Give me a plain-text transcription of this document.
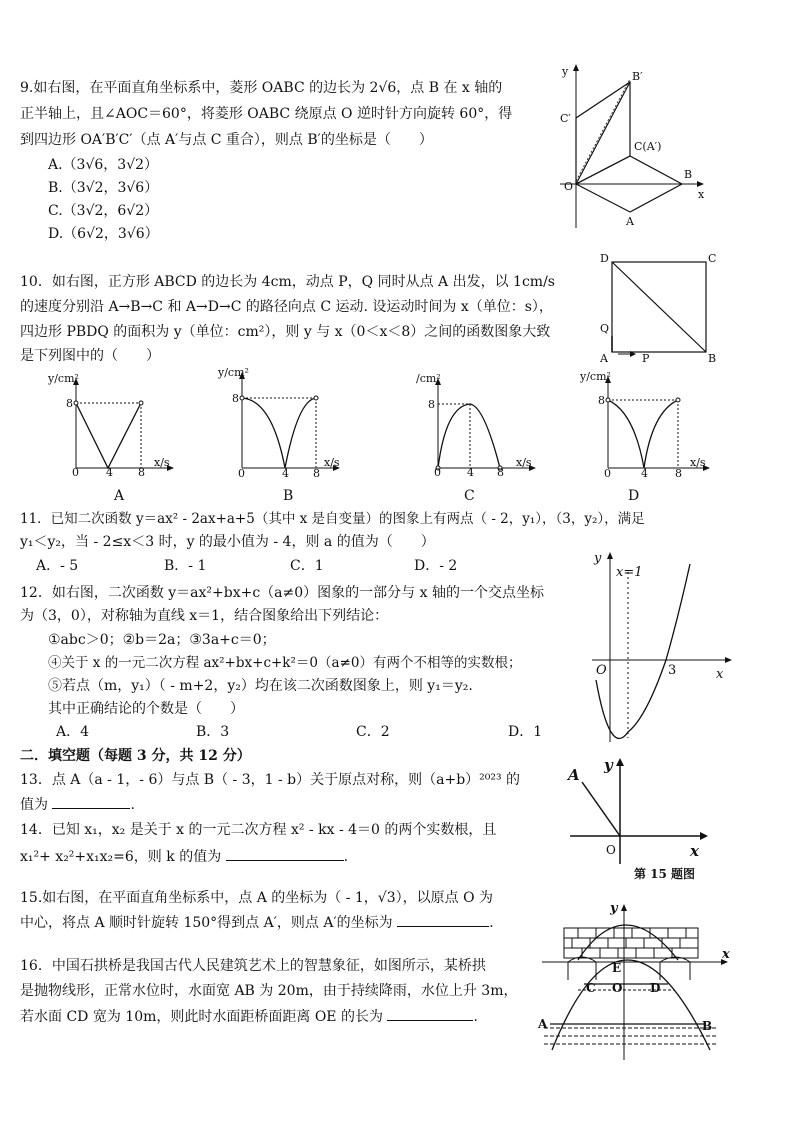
9.如右图，在平面直角坐标系中，菱形 OABC 的边长为 2√6，点 B 在 x 轴的
正半轴上，且∠AOC＝60°，将菱形 OABC 绕原点 O 逆时针方向旋转 60°，得
到四边形 OA′B′C′（点 A′与点 C 重合），则点 B′的坐标是（　　）
A.（3√6，3√2）
B.（3√2，3√6）
C.（3√2，6√2）
D.（6√2，3√6）
y
x
O
A
B
C(A′)
B′
C′
10．如右图，正方形 ABCD 的边长为 4cm，动点 P，Q 同时从点 A 出发，以 1cm/s
的速度分别沿 A→B→C 和 A→D→C 的路径向点 C 运动. 设运动时间为 x（单位：s），
四边形 PBDQ 的面积为 y（单位：cm²），则 y 与 x（0＜x＜8）之间的函数图象大致
是下列图中的（　　）
D	C
A	B
P
Q
y/cm²
x/s
8
0 4 8
y/cm²
x/s
8
0	4 8
/cm²
x/s
8
0 4 8
y/cm²
x/s
8
0	4 8
A	B	C	D
11．已知二次函数 y＝ax² - 2ax+a+5（其中 x 是自变量）的图象上有两点（ - 2，y₁），（3，y₂），满足
y₁＜y₂，当 - 2≤x＜3 时，y 的最小值为 - 4，则 a 的值为（　　）
A．- 5	B．- 1	C．1	D．- 2
12．如右图，二次函数 y＝ax²+bx+c（a≠0）图象的一部分与 x 轴的一个交点坐标
为（3，0），对称轴为直线 x＝1，结合图象给出下列结论：
①abc＞0；②b＝2a；③3a+c＝0；
④关于 x 的一元二次方程 ax²+bx+c+k²＝0（a≠0）有两个不相等的实数根；
⑤若点（m，y₁）（ - m+2，y₂）均在该二次函数图象上，则 y₁＝y₂.
其中正确结论的个数是（　　）
A．4	B．3	C．2	D．1
y
x
O	3
x=1
二．填空题（每题 3 分，共 12 分）
13．点 A（a - 1，- 6）与点 B（ - 3，1 - b）关于原点对称，则（a+b）²⁰²³ 的
值为	.
14．已知 x₁，x₂ 是关于 x 的一元二次方程 x² - kx - 4＝0 的两个实数根，且
x₁²+ x₂²+x₁x₂=6，则 k 的值为	.
15.如右图，在平面直角坐标系中，点 A 的坐标为（ - 1，√3），以原点 O 为
中心，将点 A 顺时针旋转 150°得到点 A′，则点 A′的坐标为	.
A
y
x
O
第 15 题图
16．中国石拱桥是我国古代人民建筑艺术上的智慧象征，如图所示，某桥拱
是抛物线形，正常水位时，水面宽 AB 为 20m，由于持续降雨，水位上升 3m，
若水面 CD 宽为 10m，则此时水面距桥面距离 OE 的长为	.
y
x
E
O
C	D
A	B
